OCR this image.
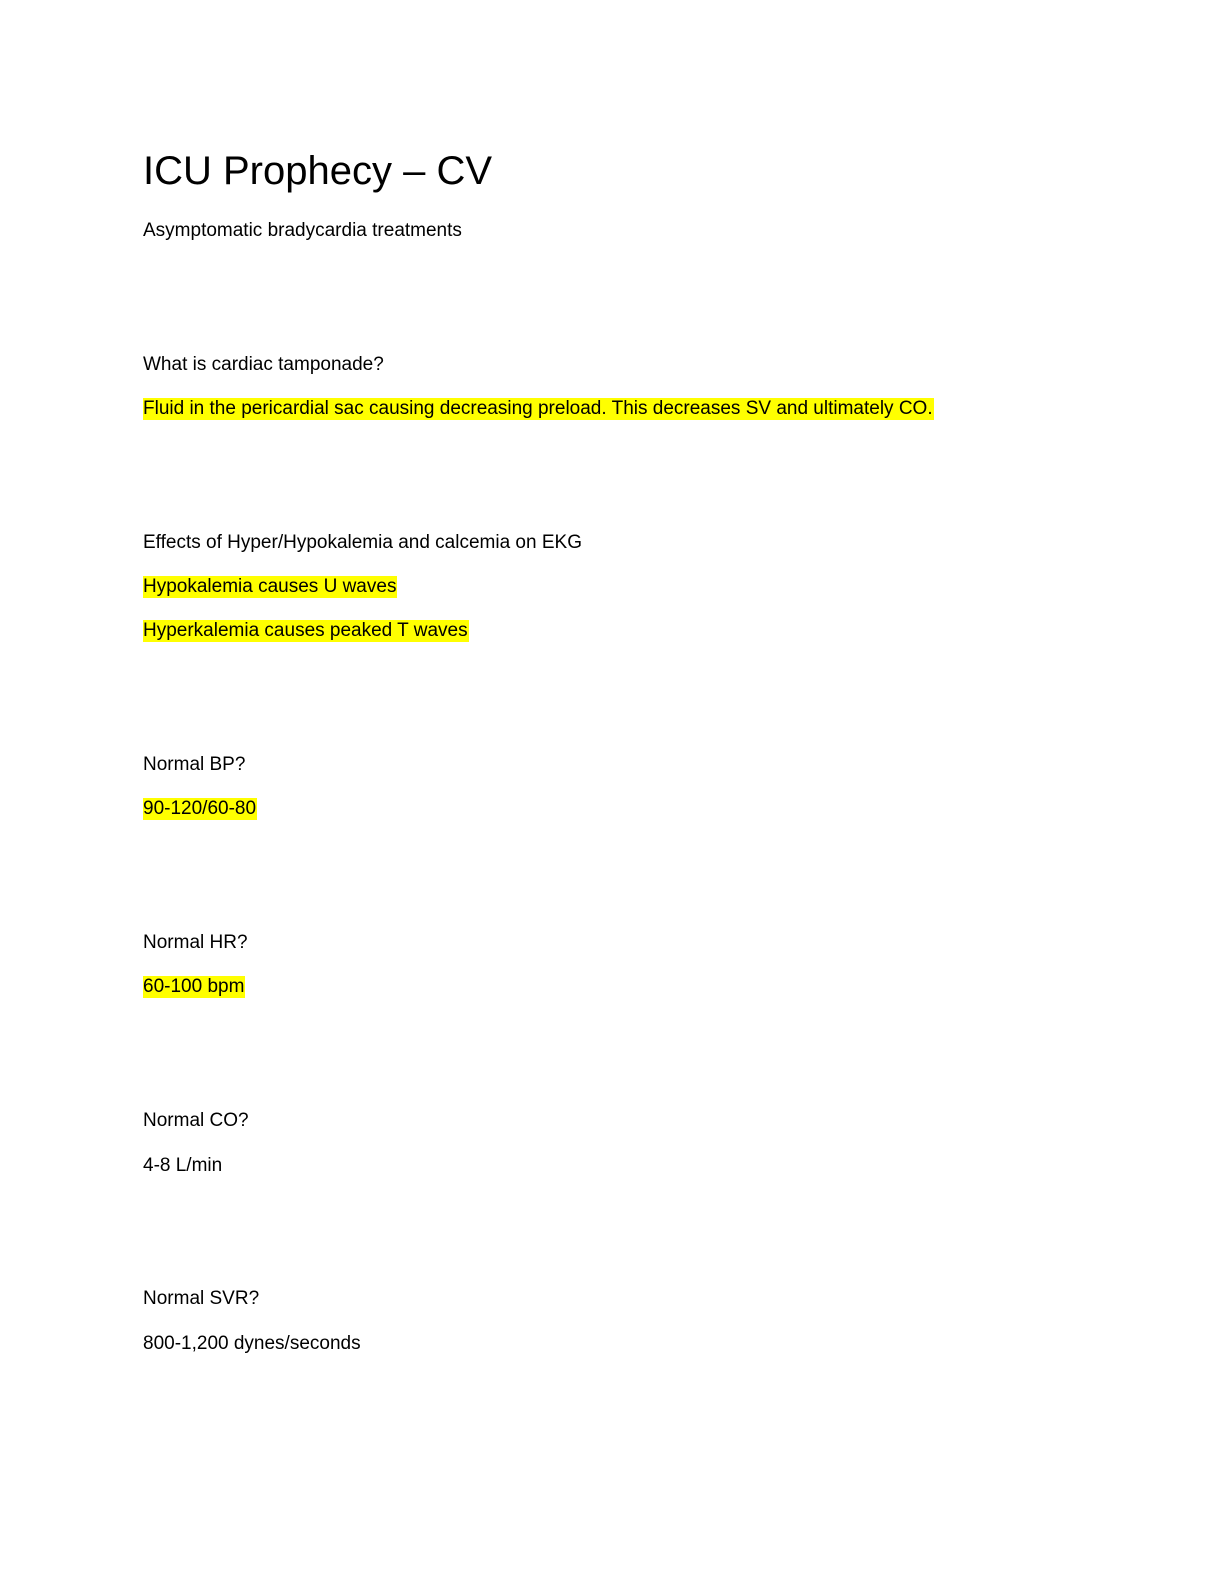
ICU Prophecy – CV
Asymptomatic bradycardia treatments
What is cardiac tamponade?
Fluid in the pericardial sac causing decreasing preload. This decreases SV and ultimately CO.
Effects of Hyper/Hypokalemia and calcemia on EKG
Hypokalemia causes U waves
Hyperkalemia causes peaked T waves
Normal BP?
90-120/60-80
Normal HR?
60-100 bpm
Normal CO?
4-8 L/min
Normal SVR?
800-1,200 dynes/seconds
